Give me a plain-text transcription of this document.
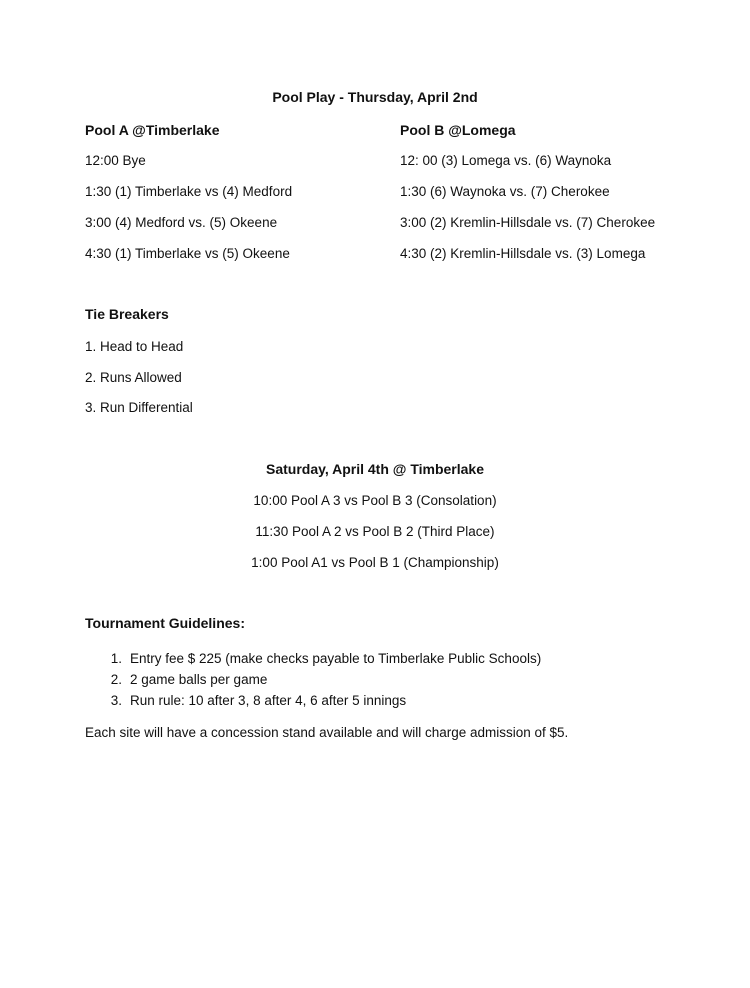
Pool Play - Thursday, April 2nd
Pool A @Timberlake
12:00 Bye
1:30 (1) Timberlake vs (4) Medford
3:00 (4) Medford vs. (5) Okeene
4:30 (1) Timberlake vs (5) Okeene
Pool B @Lomega
12: 00 (3) Lomega vs. (6) Waynoka
1:30 (6) Waynoka vs. (7) Cherokee
3:00 (2) Kremlin-Hillsdale vs. (7) Cherokee
4:30 (2) Kremlin-Hillsdale vs. (3) Lomega
Tie Breakers
1. Head to Head
2. Runs Allowed
3. Run Differential
Saturday, April 4th @ Timberlake
10:00 Pool A 3 vs Pool B 3 (Consolation)
11:30 Pool A 2 vs Pool B 2 (Third Place)
1:00 Pool A1 vs Pool B 1 (Championship)
Tournament Guidelines:
1. Entry fee $ 225 (make checks payable to Timberlake Public Schools)
2. 2 game balls per game
3. Run rule: 10 after 3, 8 after 4, 6 after 5 innings
Each site will have a concession stand available and will charge admission of $5.
